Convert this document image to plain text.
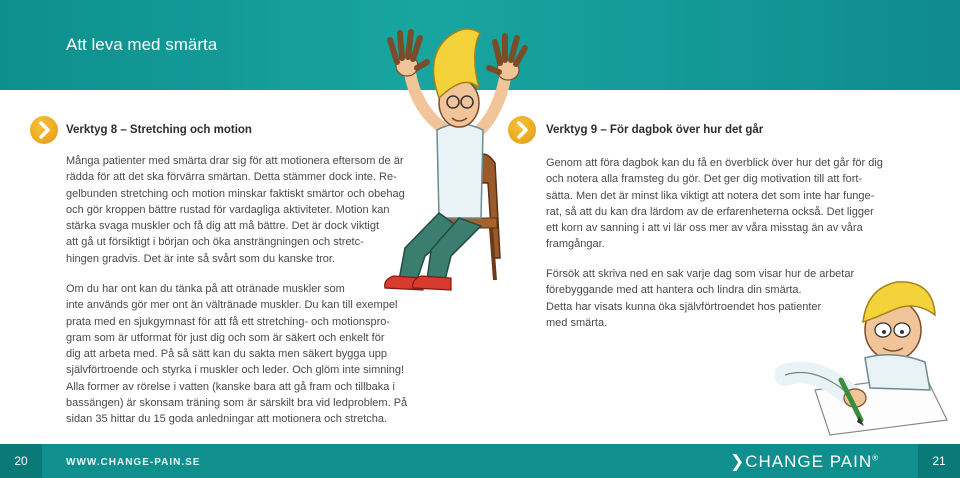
Att leva med smärta
Verktyg 8 – Stretching och motion

Många patienter med smärta drar sig för att motionera eftersom de är
rädda för att det ska förvärra smärtan. Detta stämmer dock inte. Re-
gelbunden stretching och motion minskar faktiskt smärtor och obehag
och gör kroppen bättre rustad för vardagliga aktiviteter. Motion kan
stärka svaga muskler och få dig att må bättre. Det är dock viktigt
att gå ut försiktigt i början och öka ansträngningen och stretc-
hingen gradvis. Det är inte så svårt som du kanske tror.

Om du har ont kan du tänka på att otränade muskler som
inte används gör mer ont än vältränade muskler. Du kan till exempel
prata med en sjukgymnast för att få ett stretching- och motionspro-
gram som är utformat för just dig och som är säkert och enkelt för
dig att arbeta med. På så sätt kan du sakta men säkert bygga upp
självförtroende och styrka i muskler och leder. Och glöm inte simning!
Alla former av rörelse i vatten (kanske bara att gå fram och tillbaka i
bassängen) är skonsam träning som är särskilt bra vid ledproblem. På
sidan 35 hittar du 15 goda anledningar att motionera och stretcha.

Verktyg 9 – För dagbok över hur det går

Genom att föra dagbok kan du få en överblick över hur det går för dig
och notera alla framsteg du gör. Det ger dig motivation till att fort-
sätta. Men det är minst lika viktigt att notera det som inte har funge-
rat, så att du kan dra lärdom av de erfarenheterna också. Det ligger
ett korn av sanning i att vi lär oss mer av våra misstag än av våra
framgångar.

Försök att skriva ned en sak varje dag som visar hur de arbetar
förebyggande med att hantera och lindra din smärta.
Detta har visats kunna öka självförtroendet hos patienter
med smärta.

20	WWW.CHANGE-PAIN.SE	❯CHANGE PAIN®	21
